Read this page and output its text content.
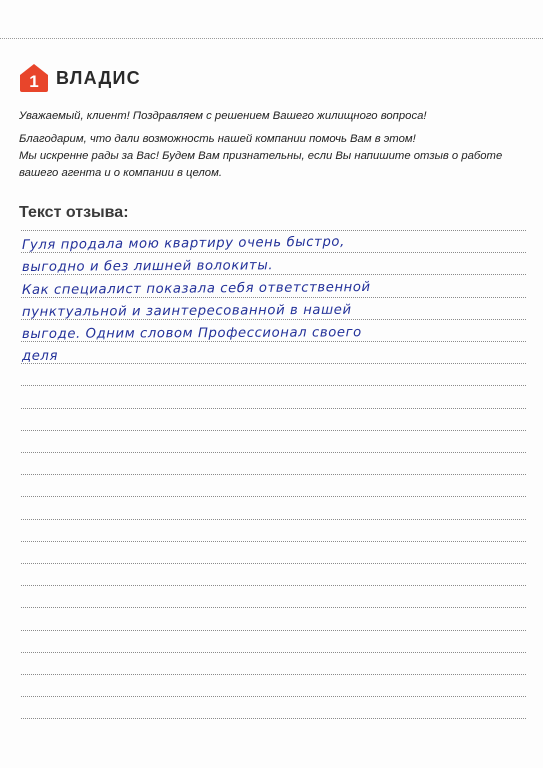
1 ВЛАДИС

Уважаемый, клиент! Поздравляем с решением Вашего жилищного вопроса!

Благодарим, что дали возможность нашей компании помочь Вам в этом!

Мы искренне рады за Вас! Будем Вам признательны, если Вы напишите отзыв о работе

вашего агента и о компании в целом.

Текст отзыва:
Гуля продала мою квартиру очень быстро,
выгодно и без лишней волокиты.
Как специалист показала себя ответственной
пунктуальной и заинтересованной в нашей
выгоде. Одним словом Профессионал своего
деля
